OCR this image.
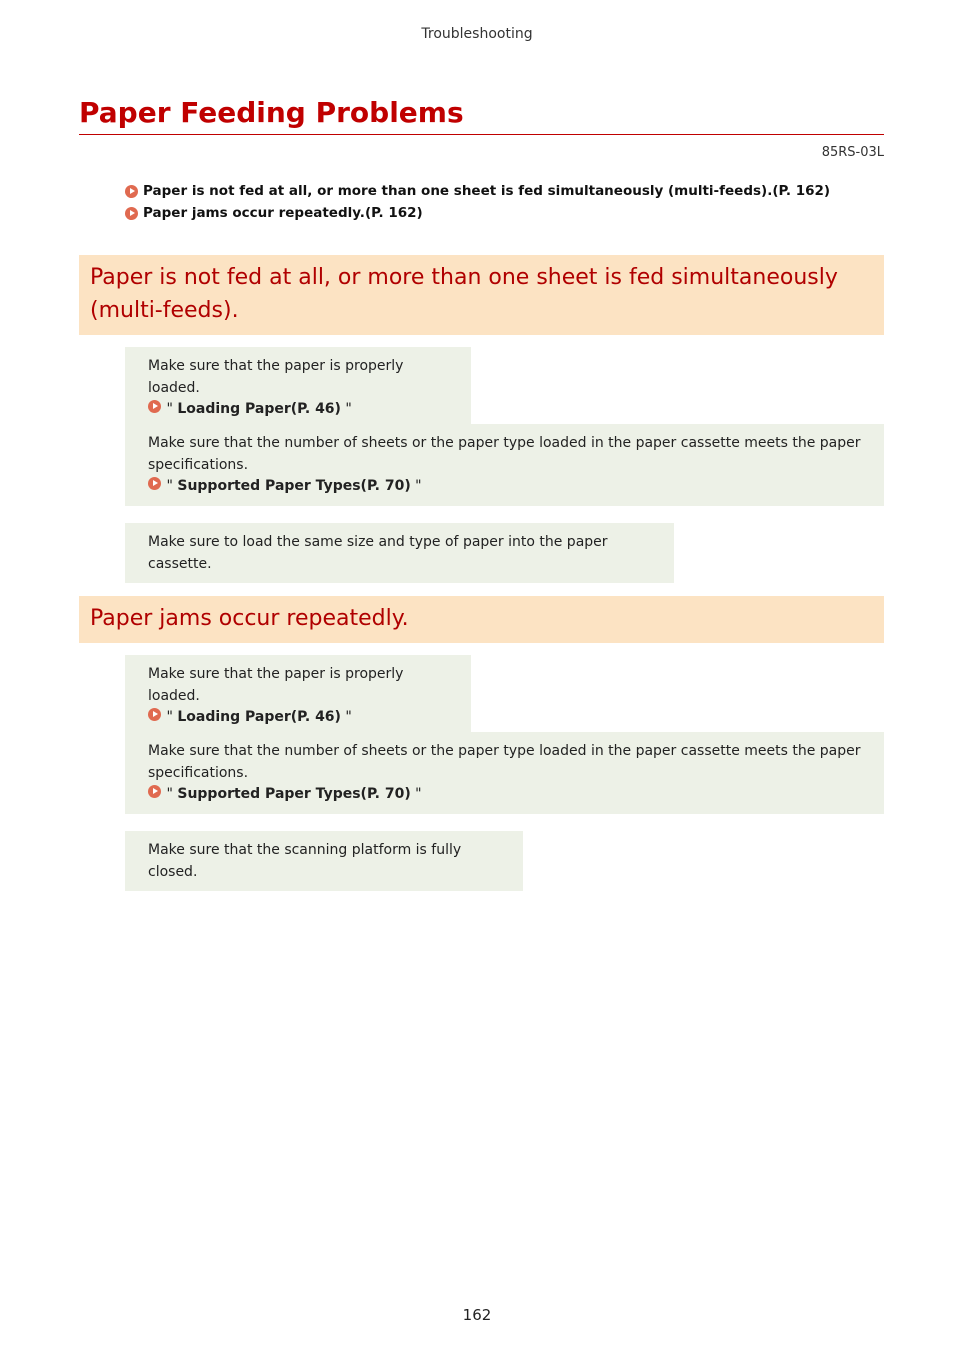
Troubleshooting
Paper Feeding Problems
85RS-03L
Paper is not fed at all, or more than one sheet is fed simultaneously (multi-feeds).(P. 162)
Paper jams occur repeatedly.(P. 162)
Paper is not fed at all, or more than one sheet is fed simultaneously (multi-feeds).
Make sure that the paper is properly loaded.
" Loading Paper(P. 46) "
Make sure that the number of sheets or the paper type loaded in the paper cassette meets the paper specifications.
" Supported Paper Types(P. 70) "
Make sure to load the same size and type of paper into the paper cassette.
Paper jams occur repeatedly.
Make sure that the paper is properly loaded.
" Loading Paper(P. 46) "
Make sure that the number of sheets or the paper type loaded in the paper cassette meets the paper specifications.
" Supported Paper Types(P. 70) "
Make sure that the scanning platform is fully closed.
162
